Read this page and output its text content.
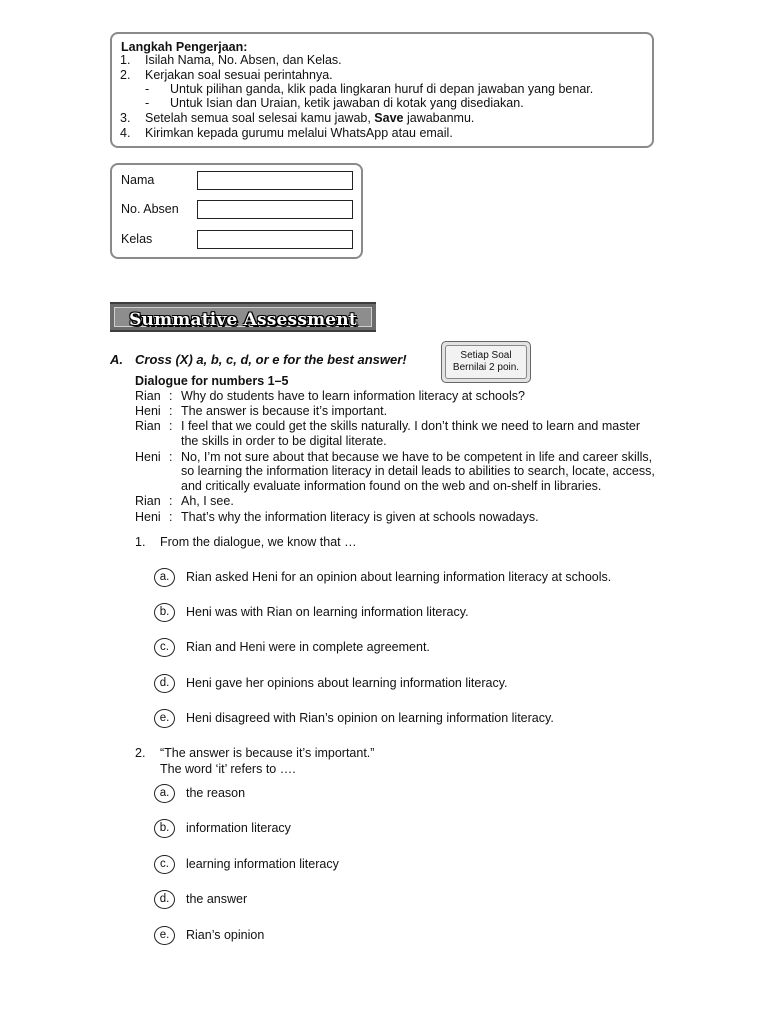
Langkah Pengerjaan:
1. Isilah Nama, No. Absen, dan Kelas.
2. Kerjakan soal sesuai perintahnya.
- Untuk pilihan ganda, klik pada lingkaran huruf di depan jawaban yang benar.
- Untuk Isian dan Uraian, ketik jawaban di kotak yang disediakan.
3. Setelah semua soal selesai kamu jawab, Save jawabanmu.
4. Kirimkan kepada gurumu melalui WhatsApp atau email.
Nama
No. Absen
Kelas
Summative Assessment
A. Cross (X) a, b, c, d, or e for the best answer!	Setiap Soal
Bernilai 2 poin.
Dialogue for numbers 1–5
Rian : Why do students have to learn information literacy at schools?
Heni : The answer is because it’s important.
Rian : I feel that we could get the skills naturally. I don’t think we need to learn and master
the skills in order to be digital literate.
Heni : No, I’m not sure about that because we have to be competent in life and career skills,
so learning the information literacy in detail leads to abilities to search, locate, access,
and critically evaluate information found on the web and on-shelf in libraries.
Rian : Ah, I see.
Heni : That’s why the information literacy is given at schools nowadays.
1. From the dialogue, we know that …
a.	Rian asked Heni for an opinion about learning information literacy at schools.
b.	Heni was with Rian on learning information literacy.
c.	Rian and Heni were in complete agreement.
d.	Heni gave her opinions about learning information literacy.
e.	Heni disagreed with Rian’s opinion on learning information literacy.
2. “The answer is because it’s important.”
The word ‘it’ refers to ….
a.	the reason
b.	information literacy
c.	learning information literacy
d.	the answer
e.	Rian’s opinion
